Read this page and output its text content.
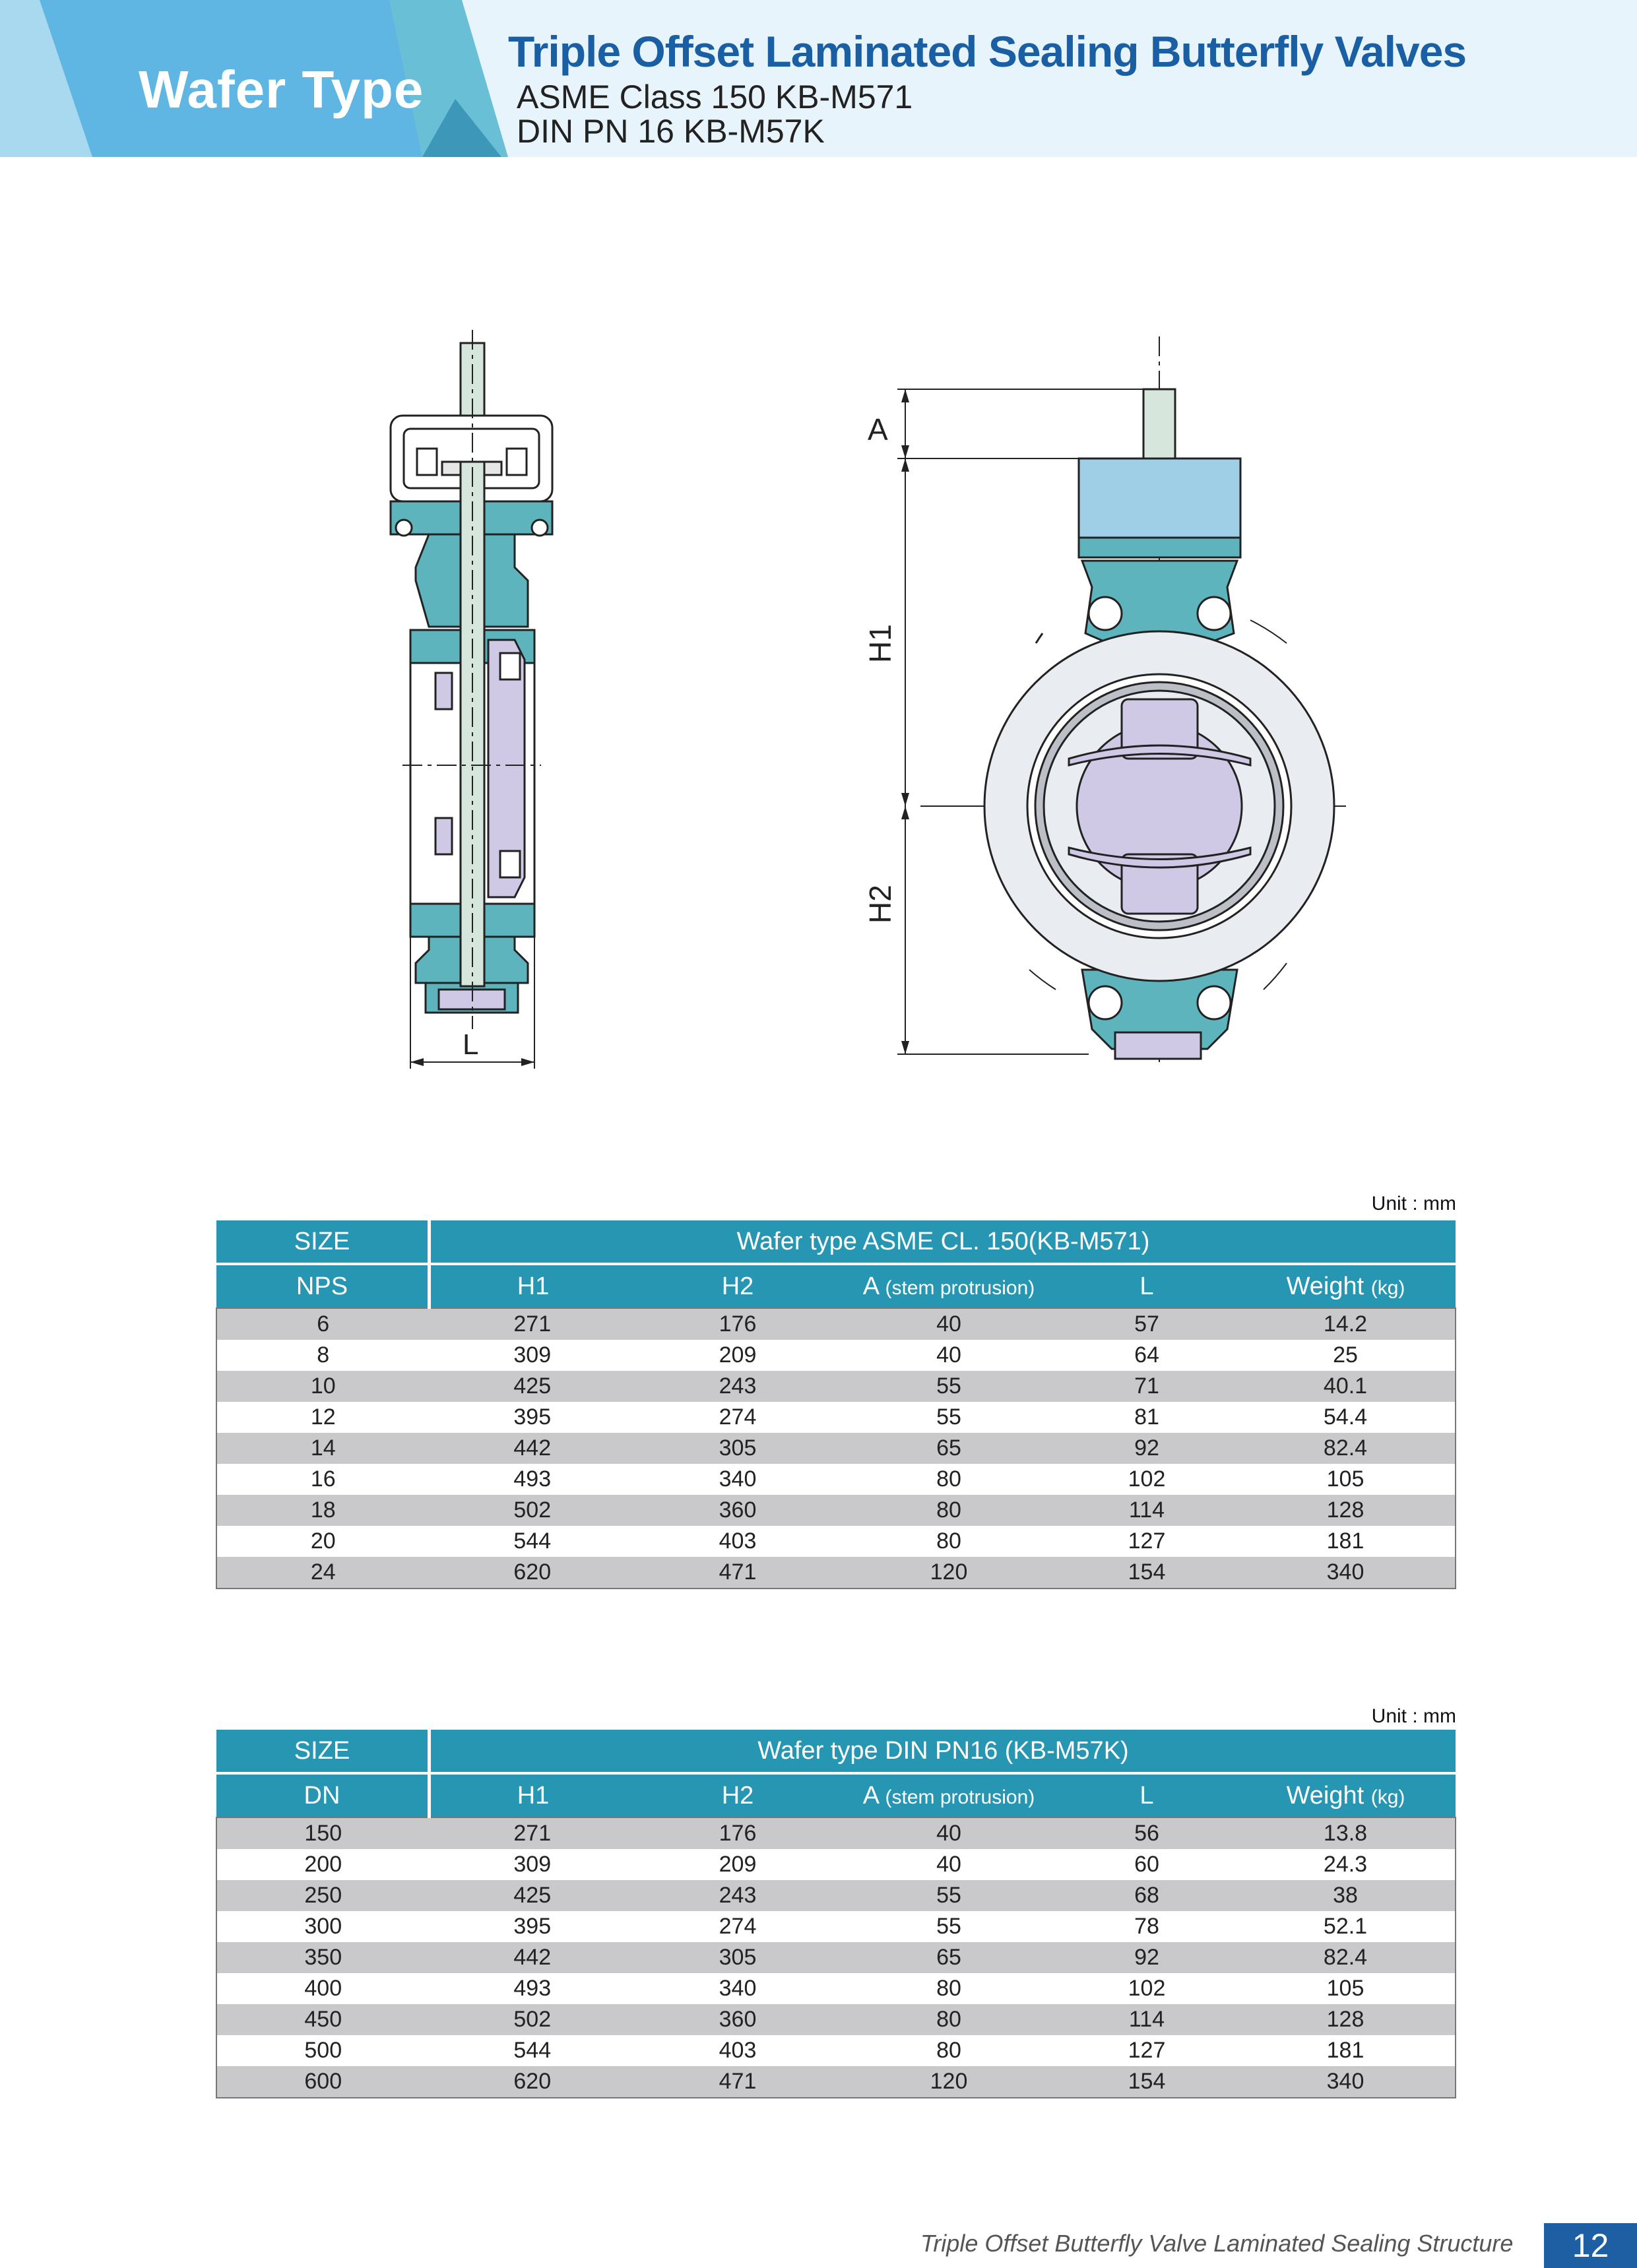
Wafer Type
Triple Offset Laminated Sealing Butterfly Valves
ASME Class 150 KB-M571
DIN PN 16 KB-M57K
L
A
H1
H2
Unit : mm
SIZE	Wafer type ASME CL. 150(KB-M571)				
NPS	H1	H2	A (stem protrusion)	L	Weight (kg)
6	271	176	40	57	14.2
8	309	209	40	64	25
10	425	243	55	71	40.1
12	395	274	55	81	54.4
14	442	305	65	92	82.4
16	493	340	80	102	105
18	502	360	80	114	128
20	544	403	80	127	181
24	620	471	120	154	340
Unit : mm
SIZE	Wafer type DIN PN16 (KB-M57K)				
DN	H1	H2	A (stem protrusion)	L	Weight (kg)
150	271	176	40	56	13.8
200	309	209	40	60	24.3
250	425	243	55	68	38
300	395	274	55	78	52.1
350	442	305	65	92	82.4
400	493	340	80	102	105
450	502	360	80	114	128
500	544	403	80	127	181
600	620	471	120	154	340
Triple Offset Butterfly Valve Laminated Sealing Structure	12
